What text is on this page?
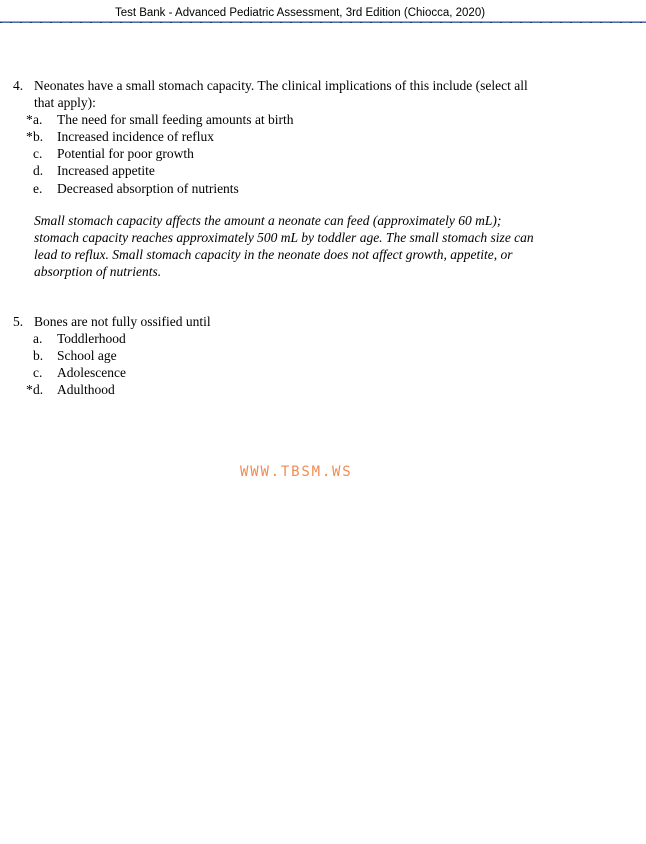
Test Bank - Advanced Pediatric Assessment, 3rd Edition (Chiocca, 2020)
4. Neonates have a small stomach capacity. The clinical implications of this include (select all
that apply):
* a.	The need for small feeding amounts at birth
* b.	Increased incidence of reflux
c.	Potential for poor growth
d.	Increased appetite
e.	Decreased absorption of nutrients
Small stomach capacity affects the amount a neonate can feed (approximately 60 mL);
stomach capacity reaches approximately 500 mL by toddler age. The small stomach size can
lead to reflux. Small stomach capacity in the neonate does not affect growth, appetite, or
absorption of nutrients.
5. Bones are not fully ossified until
a.	Toddlerhood
b.	School age
c.	Adolescence
* d.	Adulthood
WWW.TBSM.WS
